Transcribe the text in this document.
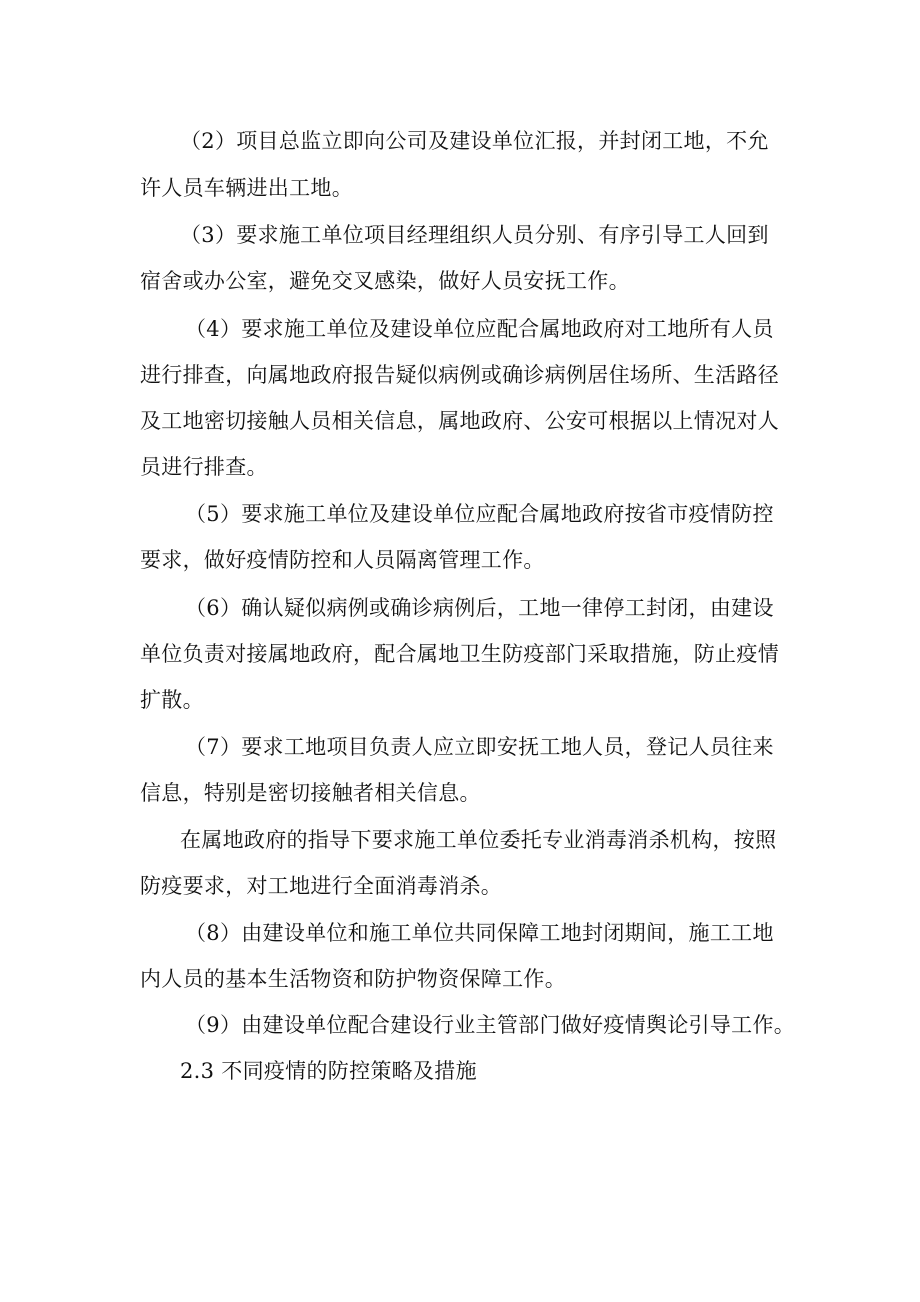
（2）项目总监立即向公司及建设单位汇报，并封闭工地，不允
许人员车辆进出工地。
（3）要求施工单位项目经理组织人员分别、有序引导工人回到
宿舍或办公室，避免交叉感染，做好人员安抚工作。
（4）要求施工单位及建设单位应配合属地政府对工地所有人员
进行排查，向属地政府报告疑似病例或确诊病例居住场所、生活路径
及工地密切接触人员相关信息，属地政府、公安可根据以上情况对人
员进行排查。
（5）要求施工单位及建设单位应配合属地政府按省市疫情防控
要求，做好疫情防控和人员隔离管理工作。
（6）确认疑似病例或确诊病例后，工地一律停工封闭，由建设
单位负责对接属地政府，配合属地卫生防疫部门采取措施，防止疫情
扩散。
（7）要求工地项目负责人应立即安抚工地人员，登记人员往来
信息，特别是密切接触者相关信息。
在属地政府的指导下要求施工单位委托专业消毒消杀机构，按照
防疫要求，对工地进行全面消毒消杀。
（8）由建设单位和施工单位共同保障工地封闭期间，施工工地
内人员的基本生活物资和防护物资保障工作。
（9）由建设单位配合建设行业主管部门做好疫情舆论引导工作。
2.3 不同疫情的防控策略及措施
